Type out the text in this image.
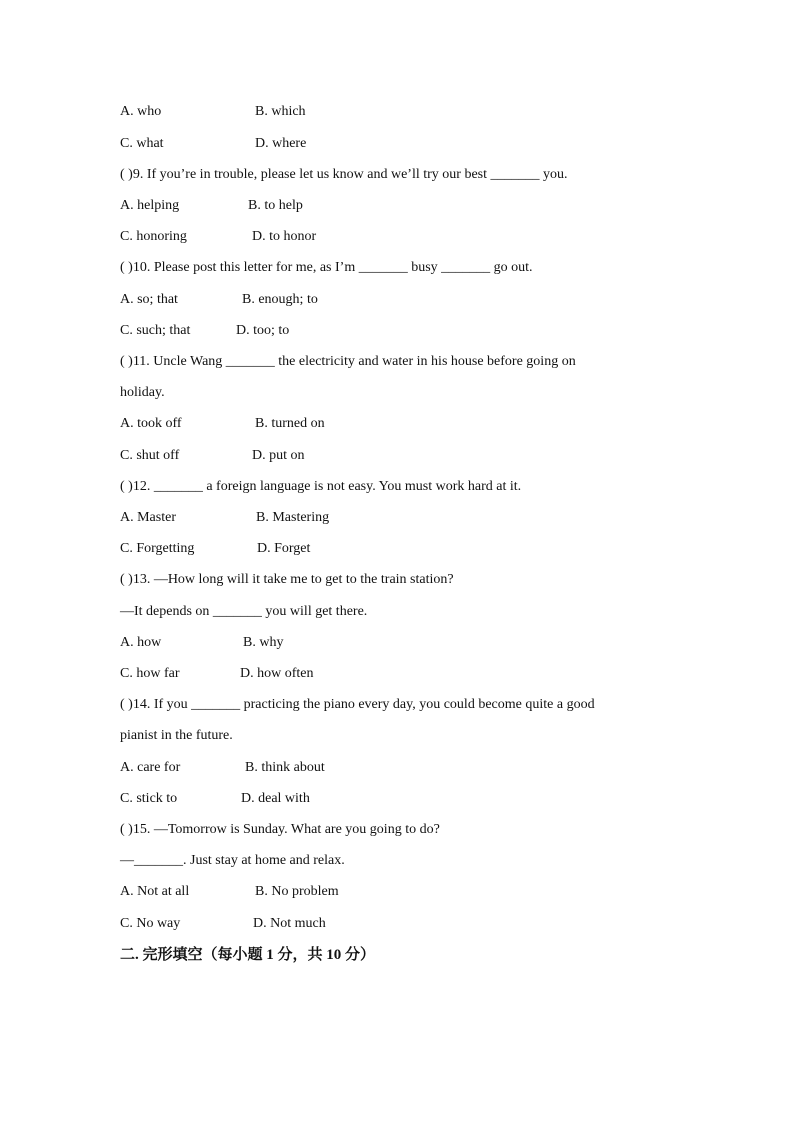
A. who	B. which
C. what	D. where
( )9. If you’re in trouble, please let us know and we’ll try our best _______ you.
A. helping	B. to help
C. honoring	D. to honor
( )10. Please post this letter for me, as I’m _______ busy _______ go out.
A. so; that	B. enough; to
C. such; that	D. too; to
( )11. Uncle Wang _______ the electricity and water in his house before going on
holiday.
A. took off	B. turned on
C. shut off	D. put on
( )12. _______ a foreign language is not easy. You must work hard at it.
A. Master	B. Mastering
C. Forgetting	D. Forget
( )13. —How long will it take me to get to the train station?
—It depends on _______ you will get there.
A. how	B. why
C. how far	D. how often
( )14. If you _______ practicing the piano every day, you could become quite a good
pianist in the future.
A. care for	B. think about
C. stick to	D. deal with
( )15. —Tomorrow is Sunday. What are you going to do?
—_______. Just stay at home and relax.
A. Not at all	B. No problem
C. No way	D. Not much
二. 完形填空（每小题 1 分，共 10 分）
